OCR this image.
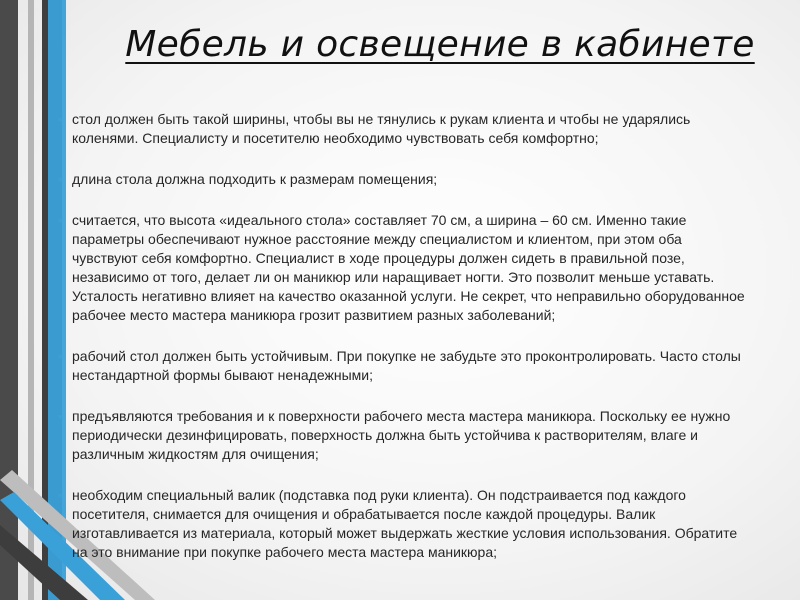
Мебель и освещение в кабинете
• стол должен быть такой ширины, чтобы вы не тянулись к рукам клиента и чтобы не ударялись коленями. Специалисту и посетителю необходимо чувствовать себя комфортно;
• длина стола должна подходить к размерам помещения;
• считается, что высота «идеального стола» составляет 70 см, а ширина – 60 см. Именно такие параметры обеспечивают нужное расстояние между специалистом и клиентом, при этом оба чувствуют себя комфортно. Специалист в ходе процедуры должен сидеть в правильной позе, независимо от того, делает ли он маникюр или наращивает ногти. Это позволит меньше уставать. Усталость негативно влияет на качество оказанной услуги. Не секрет, что неправильно оборудованное рабочее место мастера маникюра грозит развитием разных заболеваний;
• рабочий стол должен быть устойчивым. При покупке не забудьте это проконтролировать. Часто столы нестандартной формы бывают ненадежными;
• предъявляются требования и к поверхности рабочего места мастера маникюра. Поскольку ее нужно периодически дезинфицировать, поверхность должна быть устойчива к растворителям, влаге и различным жидкостям для очищения;
• необходим специальный валик (подставка под руки клиента). Он подстраивается под каждого посетителя, снимается для очищения и обрабатывается после каждой процедуры. Валик изготавливается из материала, который может выдержать жесткие условия использования. Обратите на это внимание при покупке рабочего места мастера маникюра;
